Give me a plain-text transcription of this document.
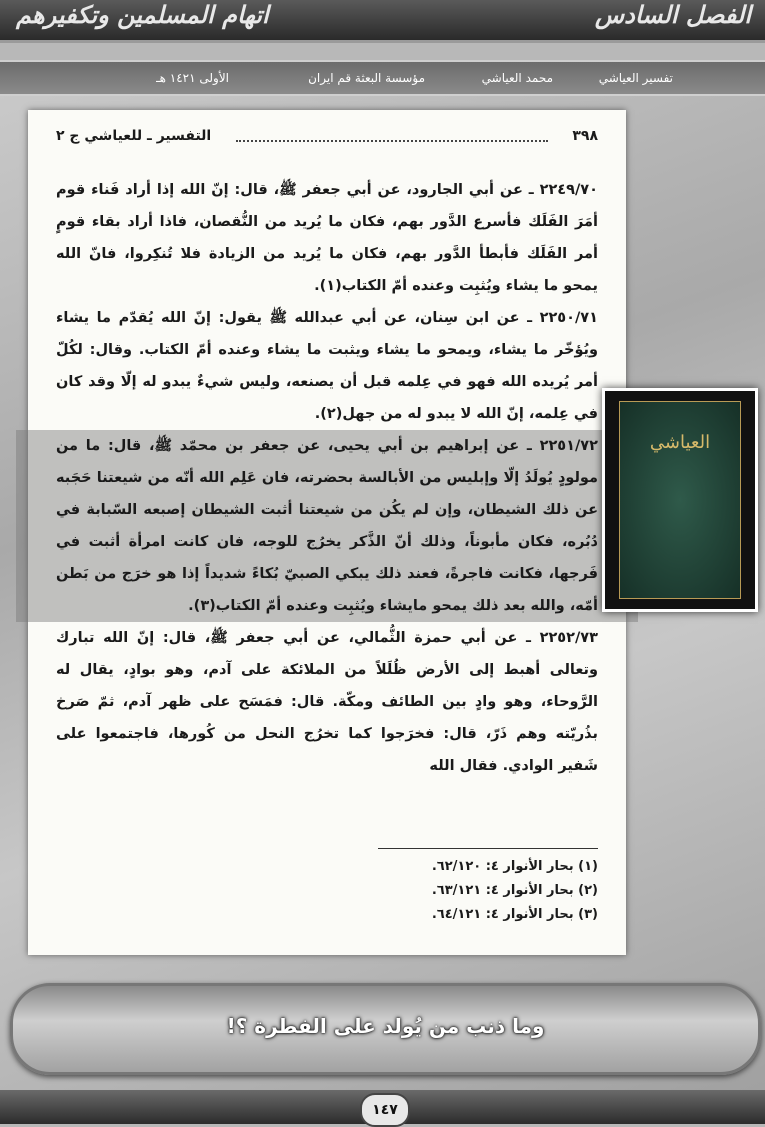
الفصل السادس
اتهام المسلمين وتكفيرهم
تفسير العياشي
محمد العياشي
مؤسسة البعثة قم ايران
الأولى ١٤٢١ هـ
٣٩٨
التفسير ـ للعياشي ج ٢

٢٢٤٩/٧٠ ـ عن أبي الجارود، عن أبي جعفر ﷺ، قال: إنّ الله إذا أراد فَناء قوم أمَرَ الفَلَك فأسرع الدَّور بهم، فكان ما يُريد من النُّقصان، فاذا أراد بقاء قومٍ أمر الفَلَك فأبطأ الدَّور بهم، فكان ما يُريد من الزيادة فلا تُنكِروا، فانّ الله يمحو ما يشاء ويُثبِت وعنده أمّ الكتاب(١).

٢٢٥٠/٧١ ـ عن ابن سِنان، عن أبي عبدالله ﷺ يقول: إنّ الله يُقدّم ما يشاء ويُؤخّر ما يشاء، ويمحو ما يشاء ويثبت ما يشاء وعنده أمّ الكتاب. وقال: لكُلّ أمر يُريده الله فهو في عِلمه قبل أن يصنعه، وليس شيءٌ يبدو له إلّا وقد كان في عِلمه، إنّ الله لا يبدو له من جهل(٢).

٢٢٥١/٧٢ ـ عن إبراهيم بن أبي يحيى، عن جعفر بن محمّد ﷺ، قال: ما من مولودٍ يُولَدُ إلّا وإبليس من الأبالسة بحضرته، فان عَلِم الله أنّه من شيعتنا حَجَبه عن ذلك الشيطان، وإن لم يكُن من شيعتنا أثبت الشيطان إصبعه السّبابة في دُبُره، فكان مأبوناً، وذلك أنّ الذَّكر يخرُج للوجه، فان كانت امرأة أثبت في فَرجها، فكانت فاجرةً، فعند ذلك يبكي الصبيّ بُكاءً شديداً إذا هو خرَج من بَطن أمّه، والله بعد ذلك يمحو مايشاء ويُثبِت وعنده أمّ الكتاب(٣).

٢٢٥٢/٧٣ ـ عن أبي حمزة الثُّمالي، عن أبي جعفر ﷺ، قال: إنّ الله تبارك وتعالى أهبط إلى الأرض ظُلَلاً من الملائكة على آدم، وهو بوادٍ، يقال له الرَّوحاء، وهو وادٍ بين الطائف ومكّة. قال: فمَسَح على ظهر آدم، ثمّ صَرخ بذُريّته وهم ذَرّ، قال: فخرَجوا كما تخرُج النحل من كُورها، فاجتمعوا على شَفير الوادي. فقال الله

(١) بحار الأنوار ٤: ٦٢/١٢٠.
(٢) بحار الأنوار ٤: ٦٣/١٢١.
(٣) بحار الأنوار ٤: ٦٤/١٢١.
العياشي
وما ذنب من يُولد على الفطرة ؟!
١٤٧
